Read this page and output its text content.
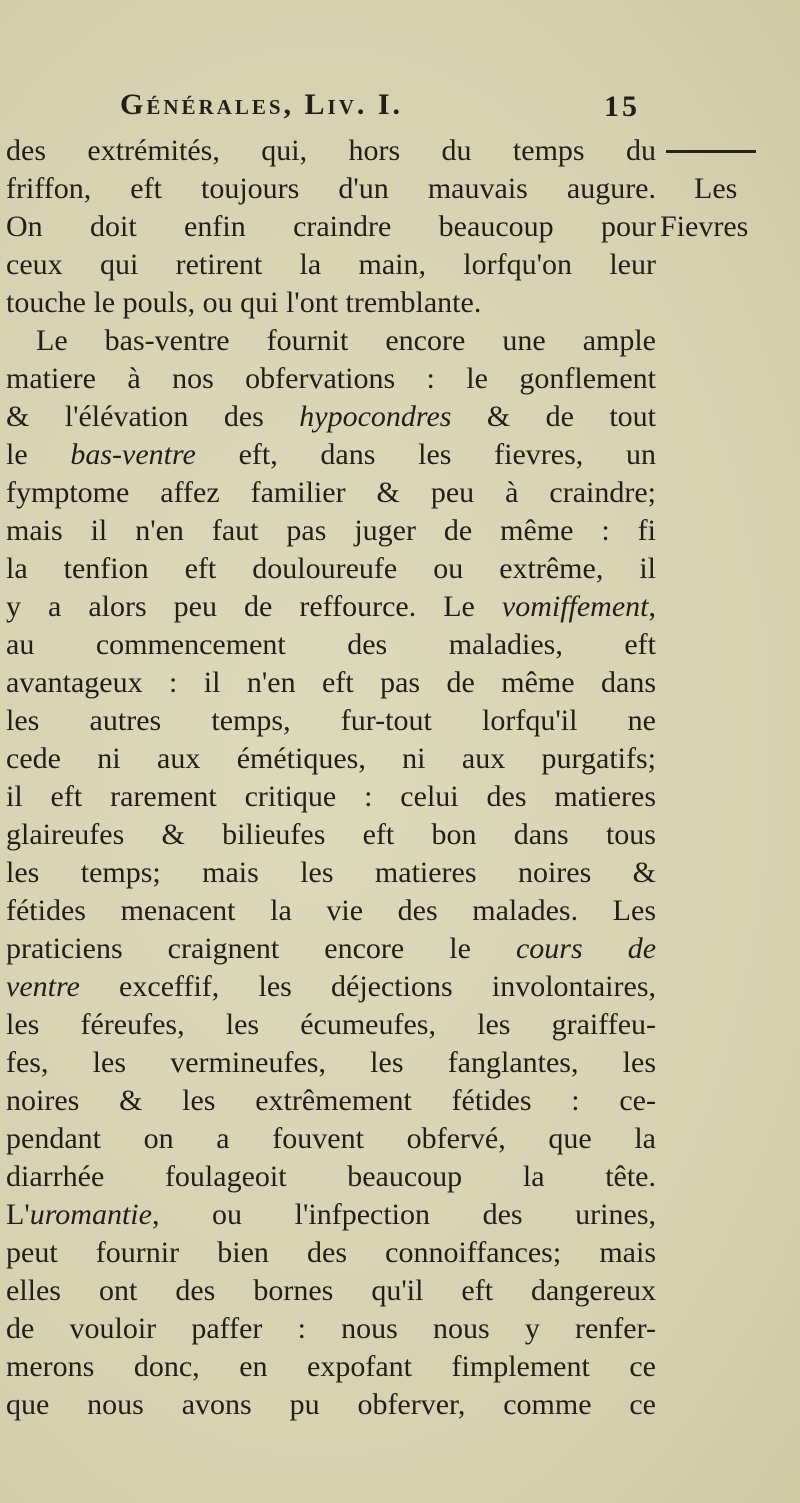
Générales, Liv. I.	15
des extrémités, qui, hors du temps du
friffon, eft toujours d'un mauvais augure.
On doit enfin craindre beaucoup pour
ceux qui retirent la main, lorfqu'on leur
touche le pouls, ou qui l'ont tremblante.
Le bas-ventre fournit encore une ample
matiere à nos obfervations : le gonflement
& l'élévation des hypocondres & de tout
le bas-ventre eft, dans les fievres, un
fymptome affez familier & peu à craindre;
mais il n'en faut pas juger de même : fi
la tenfion eft douloureufe ou extrême, il
y a alors peu de reffource. Le vomiffement,
au commencement des maladies, eft
avantageux : il n'en eft pas de même dans
les autres temps, fur-tout lorfqu'il ne
cede ni aux émétiques, ni aux purgatifs;
il eft rarement critique : celui des matieres
glaireufes & bilieufes eft bon dans tous
les temps; mais les matieres noires &
fétides menacent la vie des malades. Les
praticiens craignent encore le cours de
ventre exceffif, les déjections involontaires,
les féreufes, les écumeufes, les graiffeu-
fes, les vermineufes, les fanglantes, les
noires & les extrêmement fétides : ce-
pendant on a fouvent obfervé, que la
diarrhée foulageoit beaucoup la tête.
L'uromantie, ou l'infpection des urines,
peut fournir bien des connoiffances; mais
elles ont des bornes qu'il eft dangereux
de vouloir paffer : nous nous y renfer-
merons donc, en expofant fimplement ce
que nous avons pu obferver, comme ce
Les
Fievres
